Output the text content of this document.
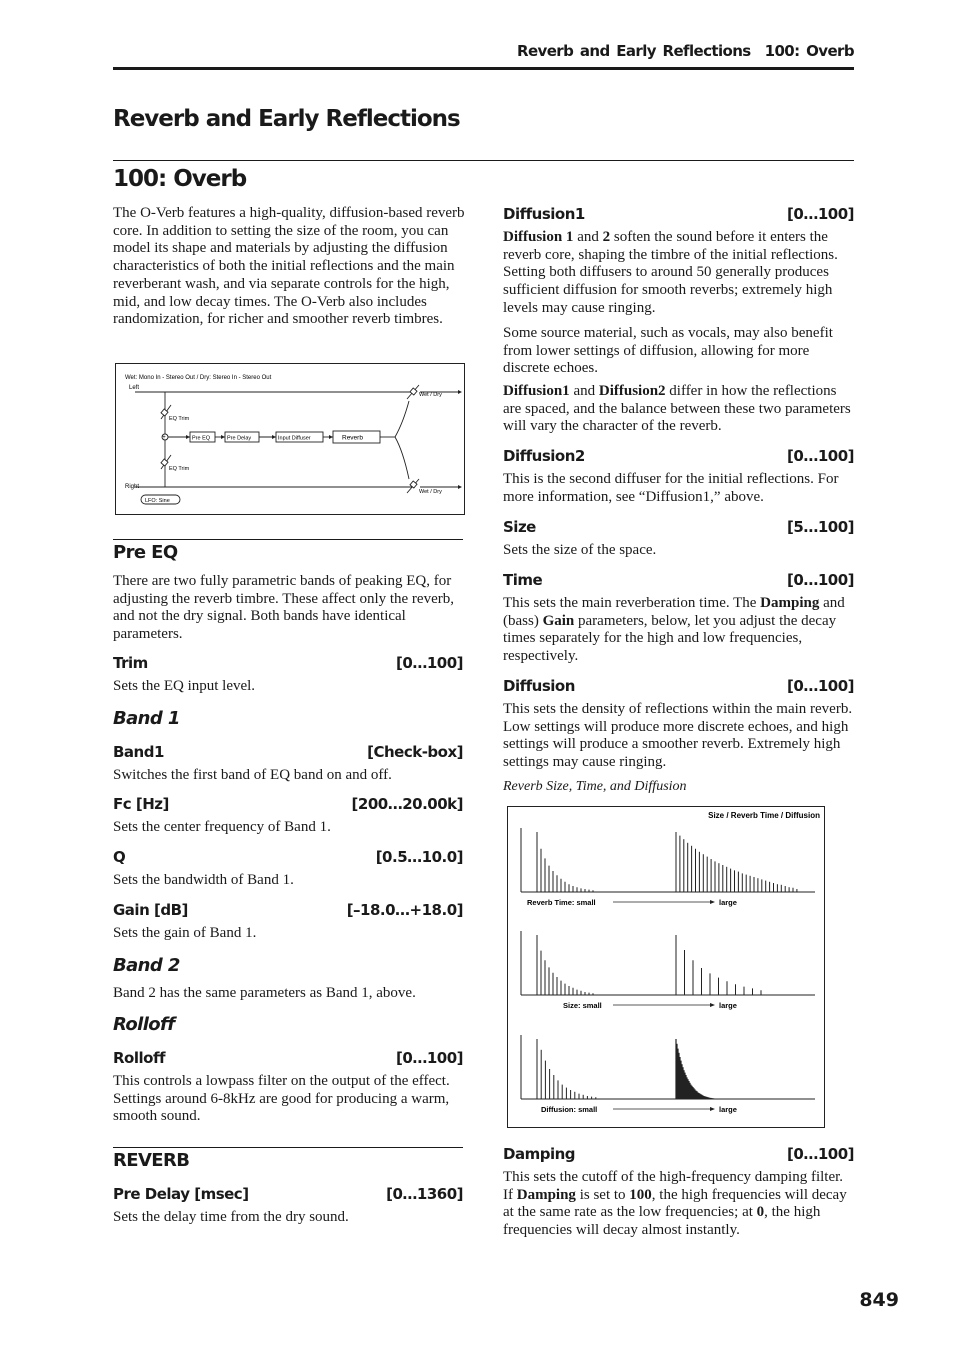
Reverb and Early Reflections 100: Overb
Reverb and Early Reflections
100: Overb

The O-Verb features a high-quality, diffusion-based reverb core. In addition to setting the size of the room, you can model its shape and materials by adjusting the diffusion characteristics of both the initial reflections and the main reverberant wash, and via separate controls for the high, mid, and low decay times. The O-Verb also includes randomization, for richer and smoother reverb timbres.

Wet: Mono In - Stereo Out / Dry: Stereo In - Stereo Out
Left
Right
+
EQ Trim
EQ Trim
Wet / Dry
Wet / Dry
Pre EQ	Pre Delay	Input Diffuser	Reverb
LFO: Sine
Pre EQ

There are two fully parametric bands of peaking EQ, for adjusting the reverb timbre. These affect only the reverb, and not the dry signal. Both bands have identical parameters.

Trim	[0…100]

Sets the EQ input level.

Band 1
Band1	[Check-box]

Switches the first band of EQ band on and off.

Fc [Hz]	[200…20.00k]

Sets the center frequency of Band 1.

Q	[0.5…10.0]

Sets the bandwidth of Band 1.

Gain [dB]	[–18.0…+18.0]

Sets the gain of Band 1.

Band 2

Band 2 has the same parameters as Band 1, above.

Rolloff
Rolloff	[0…100]

This controls a lowpass filter on the output of the effect. Settings around 6-8kHz are good for producing a warm, smooth sound.

REVERB
Pre Delay [msec]	[0…1360]

Sets the delay time from the dry sound.

Diffusion1	[0…100]

Diffusion 1 and 2 soften the sound before it enters the reverb core, shaping the timbre of the initial reflections. Setting both diffusers to around 50 generally produces sufficient diffusion for smooth reverbs; extremely high levels may cause ringing.

Some source material, such as vocals, may also benefit from lower settings of diffusion, allowing for more discrete echoes.

Diffusion1 and Diffusion2 differ in how the reflections are spaced, and the balance between these two parameters will vary the character of the reverb.

Diffusion2	[0…100]

This is the second diffuser for the initial reflections. For more information, see “Diffusion1,” above.

Size	[5…100]

Sets the size of the space.

Time	[0…100]

This sets the main reverberation time. The Damping and (bass) Gain parameters, below, let you adjust the decay times separately for the high and low frequencies, respectively.

Diffusion	[0…100]

This sets the density of reflections within the main reverb. Low settings will produce more discrete echoes, and high settings will produce a smoother reverb. Extremely high settings may cause ringing.

Reverb Size, Time, and Diffusion
Size / Reverb Time / Diffusion
Reverb Time: small	large
Size: small	large
Diffusion: small	large
Damping	[0…100]

This sets the cutoff of the high-frequency damping filter. If Damping is set to 100, the high frequencies will decay at the same rate as the low frequencies; at 0, the high frequencies will decay almost instantly.

849
